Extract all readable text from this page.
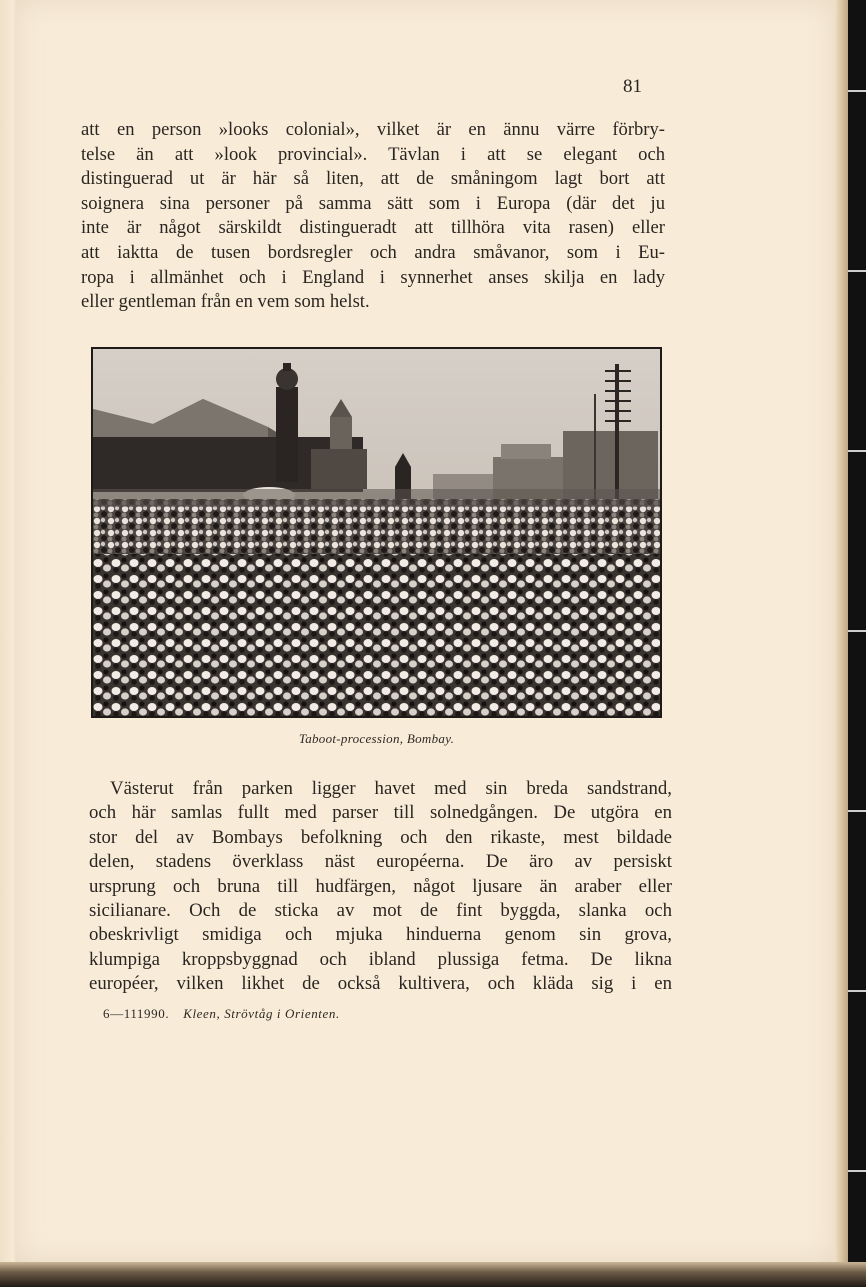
81
att en person »looks colonial», vilket är en ännu värre förbry-
telse än att »look provincial». Tävlan i att se elegant och
distinguerad ut är här så liten, att de småningom lagt bort att
soignera sina personer på samma sätt som i Europa (där det ju
inte är något särskildt distingueradt att tillhöra vita rasen) eller
att iaktta de tusen bordsregler och andra småvanor, som i Eu-
ropa i allmänhet och i England i synnerhet anses skilja en lady
eller gentleman från en vem som helst.
Taboot-procession, Bombay.
Västerut från parken ligger havet med sin breda sandstrand,
och här samlas fullt med parser till solnedgången. De utgöra en
stor del av Bombays befolkning och den rikaste, mest bildade
delen, stadens överklass näst européerna. De äro av persiskt
ursprung och bruna till hudfärgen, något ljusare än araber eller
sicilianare. Och de sticka av mot de fint byggda, slanka och
obeskrivligt smidiga och mjuka hinduerna genom sin grova,
klumpiga kroppsbyggnad och ibland plussiga fetma. De likna
européer, vilken likhet de också kultivera, och kläda sig i en
6—111990. Kleen, Strövtåg i Orienten.
